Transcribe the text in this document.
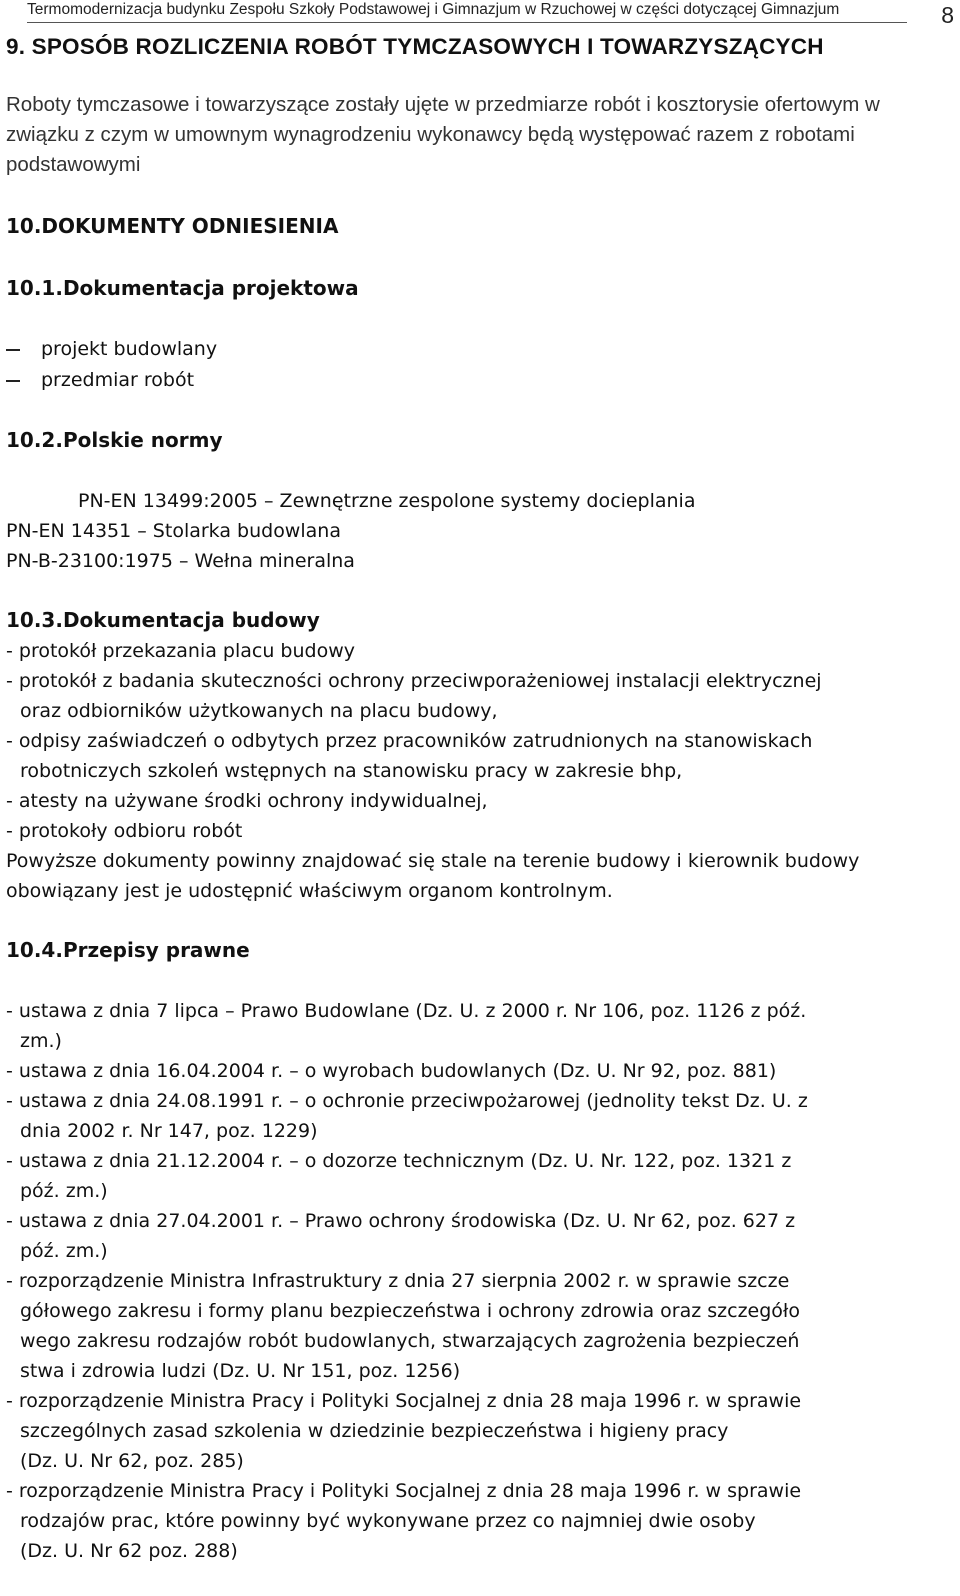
Termomodernizacja budynku Zespołu Szkoły Podstawowej i Gimnazjum w Rzuchowej w części dotyczącej Gimnazjum	8
9. SPOSÓB ROZLICZENIA ROBÓT TYMCZASOWYCH I TOWARZYSZĄCYCH
Roboty tymczasowe i towarzyszące zostały ujęte w przedmiarze robót i kosztorysie ofertowym w związku z czym w umownym wynagrodzeniu wykonawcy będą występować razem z robotami podstawowymi
10.DOKUMENTY ODNIESIENIA
10.1.Dokumentacja projektowa
projekt budowlany
przedmiar robót
10.2.Polskie normy
PN-EN 13499:2005 – Zewnętrzne zespolone systemy docieplania
PN-EN 14351 – Stolarka budowlana
PN-B-23100:1975 – Wełna mineralna
10.3.Dokumentacja budowy
- protokół przekazania placu budowy
- protokół z badania skuteczności ochrony przeciwporażeniowej instalacji elektrycznej
oraz odbiorników użytkowanych na placu budowy,
- odpisy zaświadczeń o odbytych przez pracowników zatrudnionych na stanowiskach
robotniczych szkoleń wstępnych na stanowisku pracy w zakresie bhp,
- atesty na używane środki ochrony indywidualnej,
- protokoły odbioru robót
Powyższe dokumenty powinny znajdować się stale na terenie budowy i kierownik budowy obowiązany jest je udostępnić właściwym organom kontrolnym.
10.4.Przepisy prawne
- ustawa z dnia 7 lipca – Prawo Budowlane (Dz. U. z 2000 r. Nr 106, poz. 1126 z póź.
zm.)
- ustawa z dnia 16.04.2004 r. – o wyrobach budowlanych (Dz. U. Nr 92, poz. 881)
- ustawa z dnia 24.08.1991 r. – o ochronie przeciwpożarowej (jednolity tekst Dz. U. z
dnia 2002 r. Nr 147, poz. 1229)
- ustawa z dnia 21.12.2004 r. – o dozorze technicznym (Dz. U. Nr. 122, poz. 1321 z
póź. zm.)
- ustawa z dnia 27.04.2001 r. – Prawo ochrony środowiska (Dz. U. Nr 62, poz. 627 z
póź. zm.)
- rozporządzenie Ministra Infrastruktury z dnia 27 sierpnia 2002 r. w sprawie szcze
gółowego zakresu i formy planu bezpieczeństwa i ochrony zdrowia oraz szczegóło
wego zakresu rodzajów robót budowlanych, stwarzających zagrożenia bezpieczeń
stwa i zdrowia ludzi (Dz. U. Nr 151, poz. 1256)
- rozporządzenie Ministra Pracy i Polityki Socjalnej z dnia 28 maja 1996 r. w sprawie
szczególnych zasad szkolenia w dziedzinie bezpieczeństwa i higieny pracy
(Dz. U. Nr 62, poz. 285)
- rozporządzenie Ministra Pracy i Polityki Socjalnej z dnia 28 maja 1996 r. w sprawie
rodzajów prac, które powinny być wykonywane przez co najmniej dwie osoby
(Dz. U. Nr 62 poz. 288)
